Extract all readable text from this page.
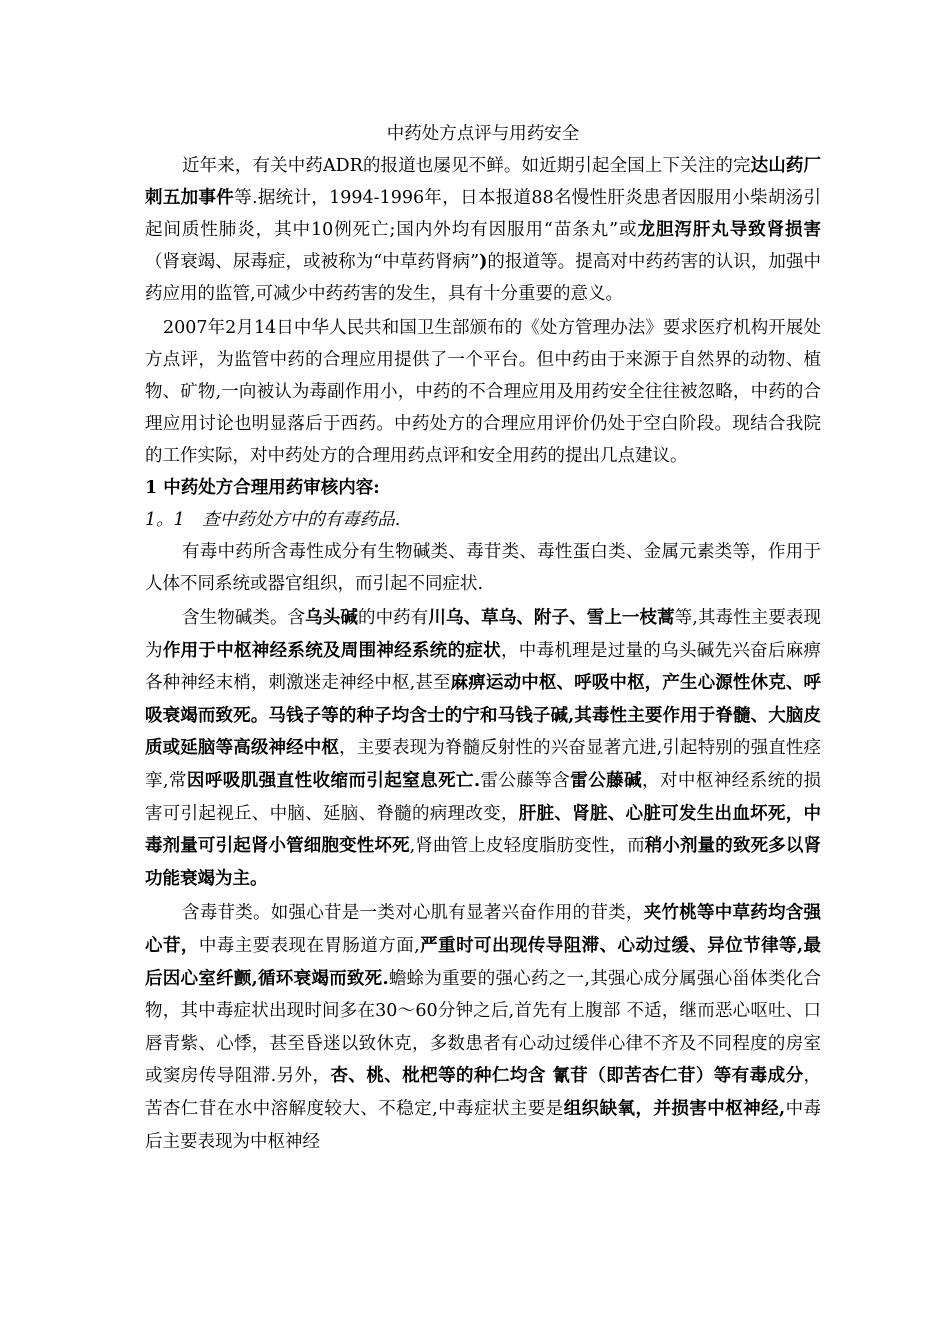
中药处方点评与用药安全

近年来，有关中药ADR的报道也屡见不鲜。如近期引起全国上下关注的完达山药厂刺五加事件等.据统计，1994-1996年，日本报道88名慢性肝炎患者因服用小柴胡汤引起间质性肺炎，其中10例死亡;国内外均有因服用“苗条丸”或龙胆泻肝丸导致肾损害（肾衰竭、尿毒症，或被称为“中草药肾病”)的报道等。提高对中药药害的认识，加强中药应用的监管,可减少中药药害的发生，具有十分重要的意义。

2007年2月14日中华人民共和国卫生部颁布的《处方管理办法》要求医疗机构开展处方点评，为监管中药的合理应用提供了一个平台。但中药由于来源于自然界的动物、植物、矿物,一向被认为毒副作用小，中药的不合理应用及用药安全往往被忽略，中药的合理应用讨论也明显落后于西药。中药处方的合理应用评价仍处于空白阶段。现结合我院的工作实际，对中药处方的合理用药点评和安全用药的提出几点建议。

1 中药处方合理用药审核内容:
1。1　查中药处方中的有毒药品.

有毒中药所含毒性成分有生物碱类、毒苷类、毒性蛋白类、金属元素类等，作用于人体不同系统或器官组织，而引起不同症状.

含生物碱类。含乌头碱的中药有川乌、草乌、附子、雪上一枝蒿等,其毒性主要表现为作用于中枢神经系统及周围神经系统的症状，中毒机理是过量的乌头碱先兴奋后麻痹各种神经末梢，刺激迷走神经中枢,甚至麻痹运动中枢、呼吸中枢，产生心源性休克、呼吸衰竭而致死。马钱子等的种子均含士的宁和马钱子碱,其毒性主要作用于脊髓、大脑皮质或延脑等高级神经中枢，主要表现为脊髓反射性的兴奋显著亢进,引起特别的强直性痉挛,常因呼吸肌强直性收缩而引起窒息死亡.雷公藤等含雷公藤碱，对中枢神经系统的损害可引起视丘、中脑、延脑、脊髓的病理改变，肝脏、肾脏、心脏可发生出血坏死，中毒剂量可引起肾小管细胞变性坏死,肾曲管上皮轻度脂肪变性，而稍小剂量的致死多以肾功能衰竭为主。

含毒苷类。如强心苷是一类对心肌有显著兴奋作用的苷类，夹竹桃等中草药均含强心苷，中毒主要表现在胃肠道方面,严重时可出现传导阻滞、心动过缓、异位节律等,最后因心室纤颤,循环衰竭而致死.蟾蜍为重要的强心药之一,其强心成分属强心甾体类化合物，其中毒症状出现时间多在30～60分钟之后,首先有上腹部 不适，继而恶心呕吐、口唇青紫、心悸，甚至昏迷以致休克，多数患者有心动过缓伴心律不齐及不同程度的房室或窦房传导阻滞.另外，杏、桃、枇杷等的种仁均含 氰苷（即苦杏仁苷）等有毒成分，苦杏仁苷在水中溶解度较大、不稳定,中毒症状主要是组织缺氧，并损害中枢神经,中毒后主要表现为中枢神经
